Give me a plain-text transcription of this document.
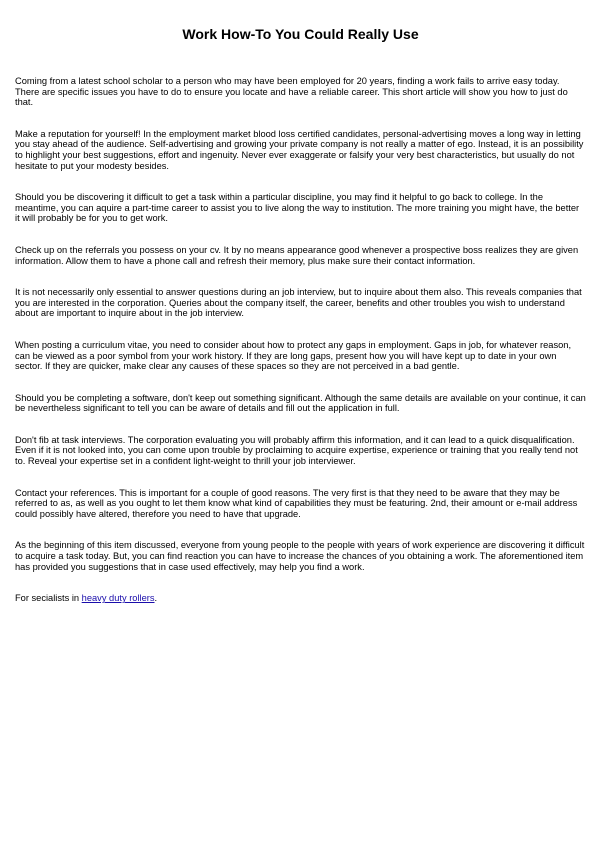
Work How-To You Could Really Use

Coming from a latest school scholar to a person who may have been employed for 20 years, finding a work fails to arrive easy today. There are specific issues you have to do to ensure you locate and have a reliable career. This short article will show you how to just do that.

Make a reputation for yourself! In the employment market blood loss certified candidates, personal-advertising moves a long way in letting you stay ahead of the audience. Self-advertising and growing your private company is not really a matter of ego. Instead, it is an possibility to highlight your best suggestions, effort and ingenuity. Never ever exaggerate or falsify your very best characteristics, but usually do not hesitate to put your modesty besides.

Should you be discovering it difficult to get a task within a particular discipline, you may find it helpful to go back to college. In the meantime, you can aquire a part-time career to assist you to live along the way to institution. The more training you might have, the better it will probably be for you to get work.

Check up on the referrals you possess on your cv. It by no means appearance good whenever a prospective boss realizes they are given information. Allow them to have a phone call and refresh their memory, plus make sure their contact information.

It is not necessarily only essential to answer questions during an job interview, but to inquire about them also. This reveals companies that you are interested in the corporation. Queries about the company itself, the career, benefits and other troubles you wish to understand about are important to inquire about in the job interview.

When posting a curriculum vitae, you need to consider about how to protect any gaps in employment. Gaps in job, for whatever reason, can be viewed as a poor symbol from your work history. If they are long gaps, present how you will have kept up to date in your own sector. If they are quicker, make clear any causes of these spaces so they are not perceived in a bad gentle.

Should you be completing a software, don't keep out something significant. Although the same details are available on your continue, it can be nevertheless significant to tell you can be aware of details and fill out the application in full.

Don't fib at task interviews. The corporation evaluating you will probably affirm this information, and it can lead to a quick disqualification. Even if it is not looked into, you can come upon trouble by proclaiming to acquire expertise, experience or training that you really tend not to. Reveal your expertise set in a confident light-weight to thrill your job interviewer.

Contact your references. This is important for a couple of good reasons. The very first is that they need to be aware that they may be referred to as, as well as you ought to let them know what kind of capabilities they must be featuring. 2nd, their amount or e-mail address could possibly have altered, therefore you need to have that upgrade.

As the beginning of this item discussed, everyone from young people to the people with years of work experience are discovering it difficult to acquire a task today. But, you can find reaction you can have to increase the chances of you obtaining a work. The aforementioned item has provided you suggestions that in case used effectively, may help you find a work.

For secialists in heavy duty rollers.
